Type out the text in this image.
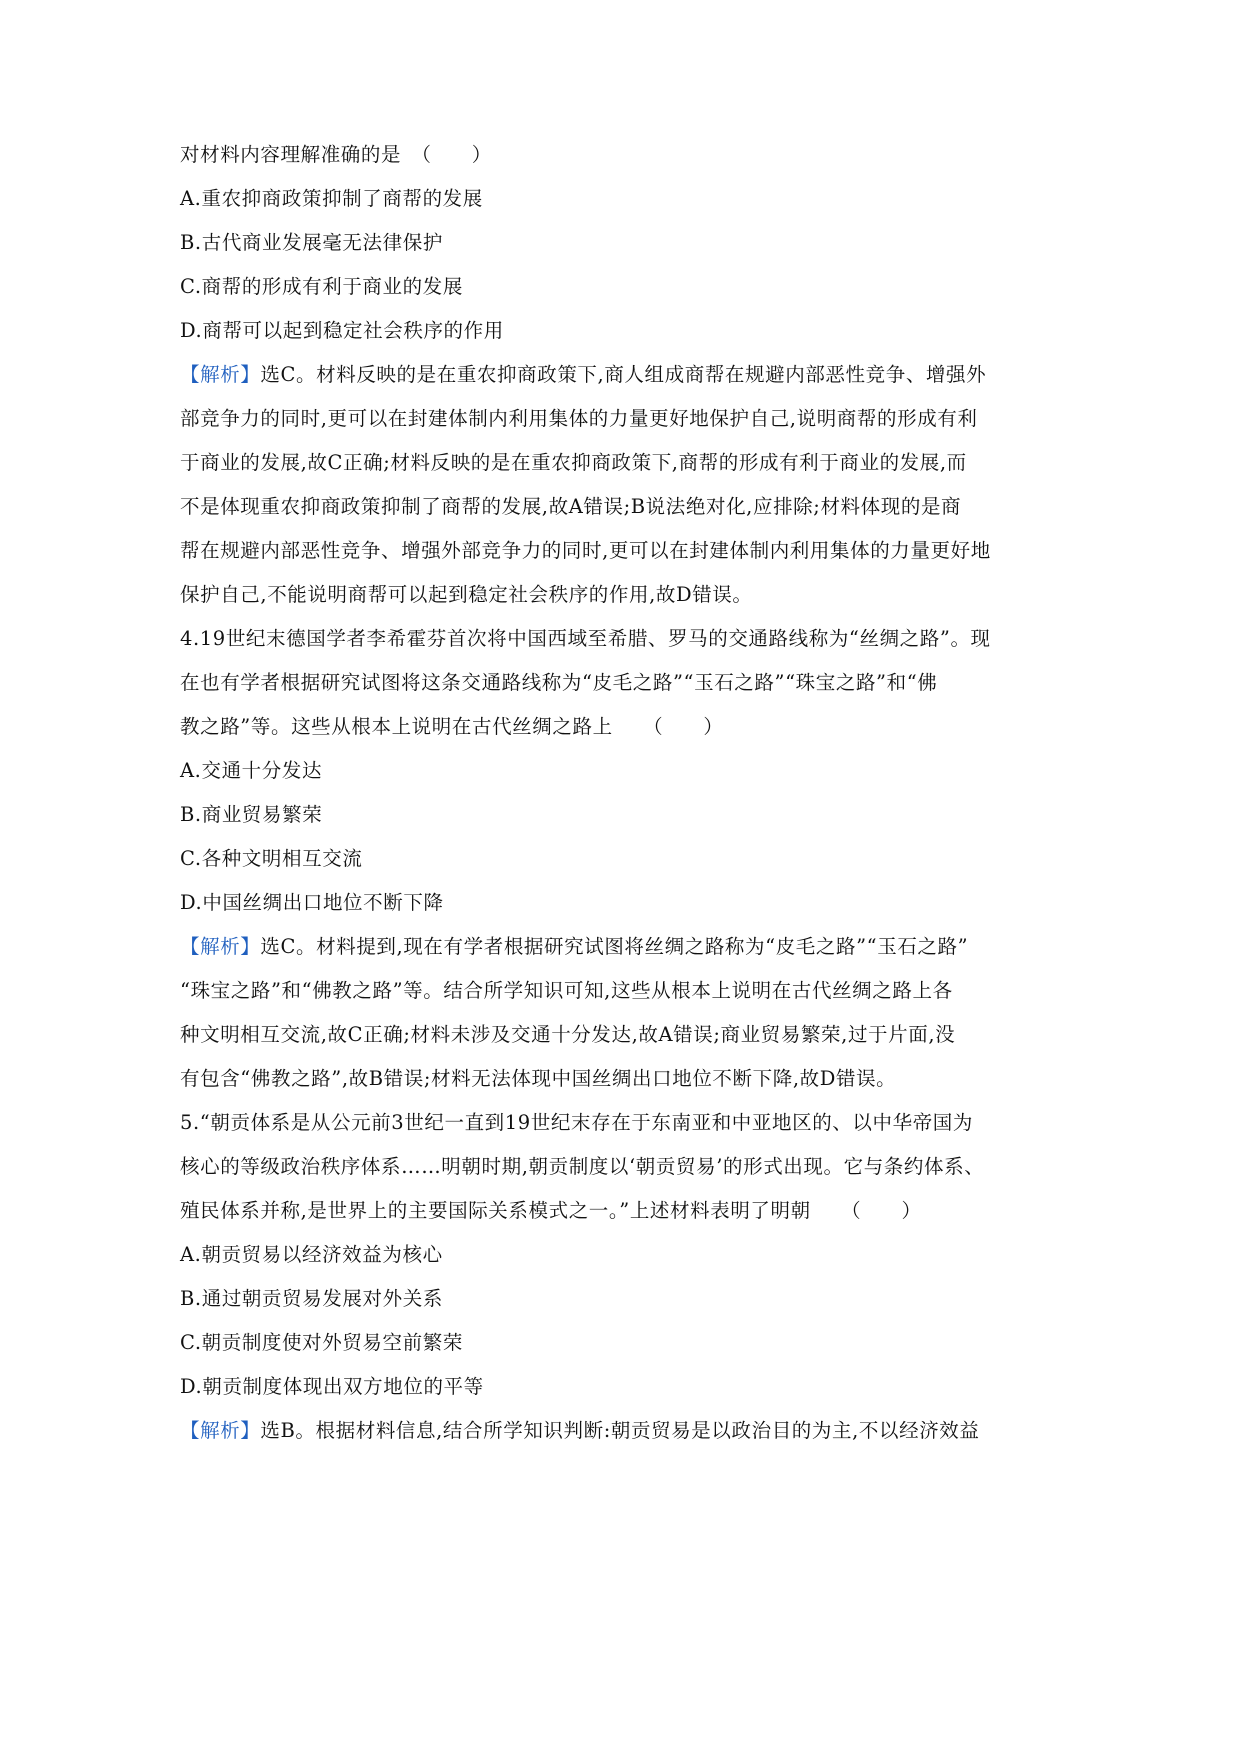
对材料内容理解准确的是　（　　）
A.重农抑商政策抑制了商帮的发展
B.古代商业发展毫无法律保护
C.商帮的形成有利于商业的发展
D.商帮可以起到稳定社会秩序的作用
【解析】选C。材料反映的是在重农抑商政策下,商人组成商帮在规避内部恶性竞争、增强外
部竞争力的同时,更可以在封建体制内利用集体的力量更好地保护自己,说明商帮的形成有利
于商业的发展,故C正确;材料反映的是在重农抑商政策下,商帮的形成有利于商业的发展,而
不是体现重农抑商政策抑制了商帮的发展,故A错误;B说法绝对化,应排除;材料体现的是商
帮在规避内部恶性竞争、增强外部竞争力的同时,更可以在封建体制内利用集体的力量更好地
保护自己,不能说明商帮可以起到稳定社会秩序的作用,故D错误。
4.19世纪末德国学者李希霍芬首次将中国西域至希腊、罗马的交通路线称为“丝绸之路”。现
在也有学者根据研究试图将这条交通路线称为“皮毛之路”“玉石之路”“珠宝之路”和“佛
教之路”等。这些从根本上说明在古代丝绸之路上　　（　　）
A.交通十分发达
B.商业贸易繁荣
C.各种文明相互交流
D.中国丝绸出口地位不断下降
【解析】选C。材料提到,现在有学者根据研究试图将丝绸之路称为“皮毛之路”“玉石之路”
“珠宝之路”和“佛教之路”等。结合所学知识可知,这些从根本上说明在古代丝绸之路上各
种文明相互交流,故C正确;材料未涉及交通十分发达,故A错误;商业贸易繁荣,过于片面,没
有包含“佛教之路”,故B错误;材料无法体现中国丝绸出口地位不断下降,故D错误。
5.“朝贡体系是从公元前3世纪一直到19世纪末存在于东南亚和中亚地区的、以中华帝国为
核心的等级政治秩序体系……明朝时期,朝贡制度以‘朝贡贸易’的形式出现。它与条约体系、
殖民体系并称,是世界上的主要国际关系模式之一。”上述材料表明了明朝　　（　　）
A.朝贡贸易以经济效益为核心
B.通过朝贡贸易发展对外关系
C.朝贡制度使对外贸易空前繁荣
D.朝贡制度体现出双方地位的平等
【解析】选B。根据材料信息,结合所学知识判断:朝贡贸易是以政治目的为主,不以经济效益
